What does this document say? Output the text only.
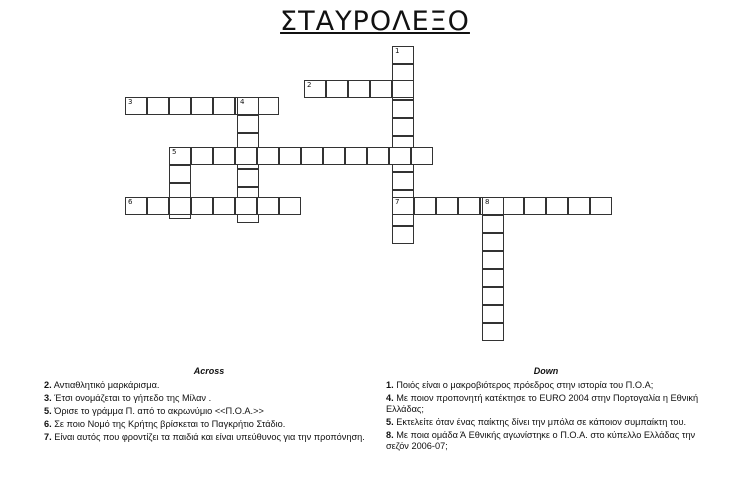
ΣΤΑΥΡΟΛΕΞΟ
1
2
3	4
5
6	7	8
Across
2. Αντιαθλητικό μαρκάρισμα.
3. Έτσι ονομάζεται το γήπεδο της Μίλαν .
5. Όρισε το γράμμα Π. από το ακρωνύμιο <<Π.Ο.Α.>>
6. Σε ποιο Νομό της Κρήτης βρίσκεται το Παγκρήτιο Στάδιο.
7. Είναι αυτός που φροντίζει τα παιδιά και είναι υπεύθυνος για την προπόνηση.
Down
1. Ποιός είναι ο μακροβιότερος πρόεδρος στην ιστορία του Π.Ο.Α;
4. Με ποιον προπονητή κατέκτησε το EURO 2004 στην Πορτογαλία η Εθνική Ελλάδας;
5. Εκτελείτε όταν ένας παίκτης δίνει την μπόλα σε κάποιον συμπαίκτη του.
8. Με ποια ομάδα Ά Εθνικής αγωνίστηκε ο Π.Ο.Α. στο κύπελλο Ελλάδας την σεζόν 2006-07;
